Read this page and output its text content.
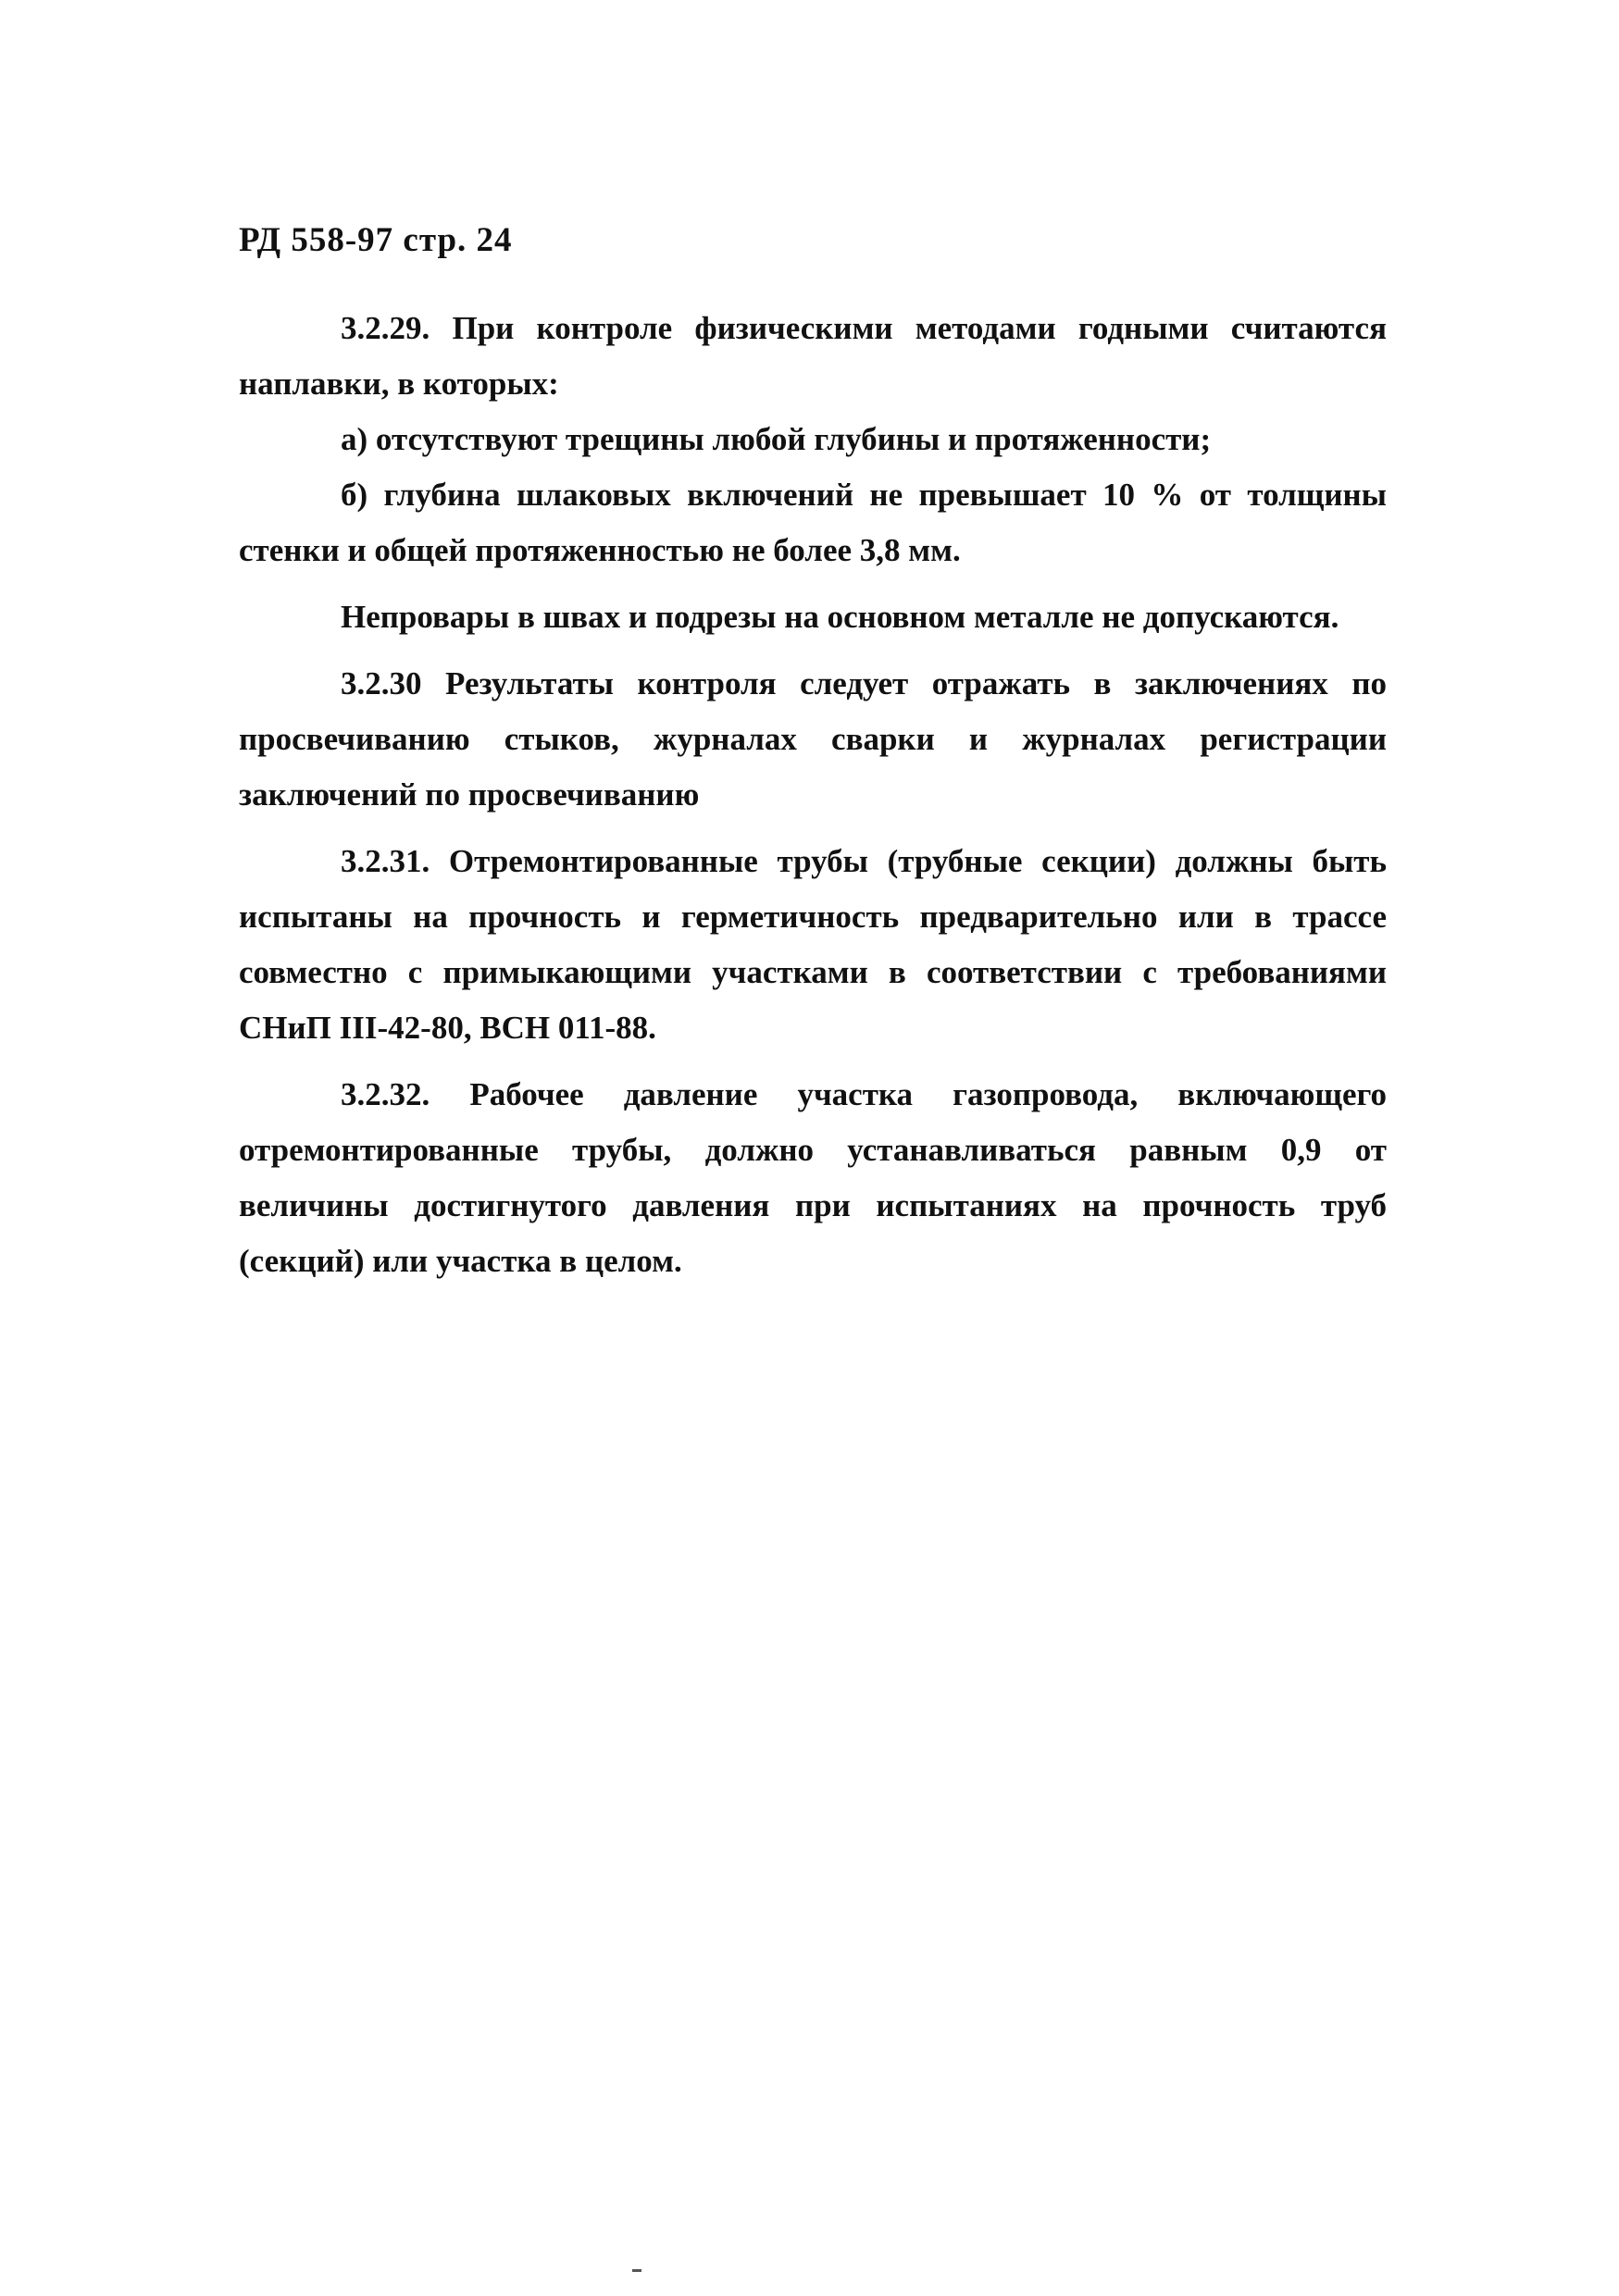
РД 558-97 стр. 24

3.2.29. При контроле физическими методами годными считаются наплавки, в которых:

а) отсутствуют трещины любой глубины и протяженности;

б) глубина шлаковых включений не превышает 10 % от толщины стенки и общей протяженностью не более 3,8 мм.

Непровары в швах и подрезы на основном металле не допускаются.

3.2.30 Результаты контроля следует отражать в заключениях по просвечиванию стыков, журналах сварки и журналах регистрации заключений по просвечиванию

3.2.31. Отремонтированные трубы (трубные секции) должны быть испытаны на прочность и герметичность предварительно или в трассе совместно с примыкающими участками в соответствии с требованиями СНиП III-42-80, ВСН 011-88.

3.2.32. Рабочее давление участка газопровода, включающего отремонтированные трубы, должно устанавливаться равным 0,9 от величины достигнутого давления при испытаниях на прочность труб (секций) или участка в целом.
